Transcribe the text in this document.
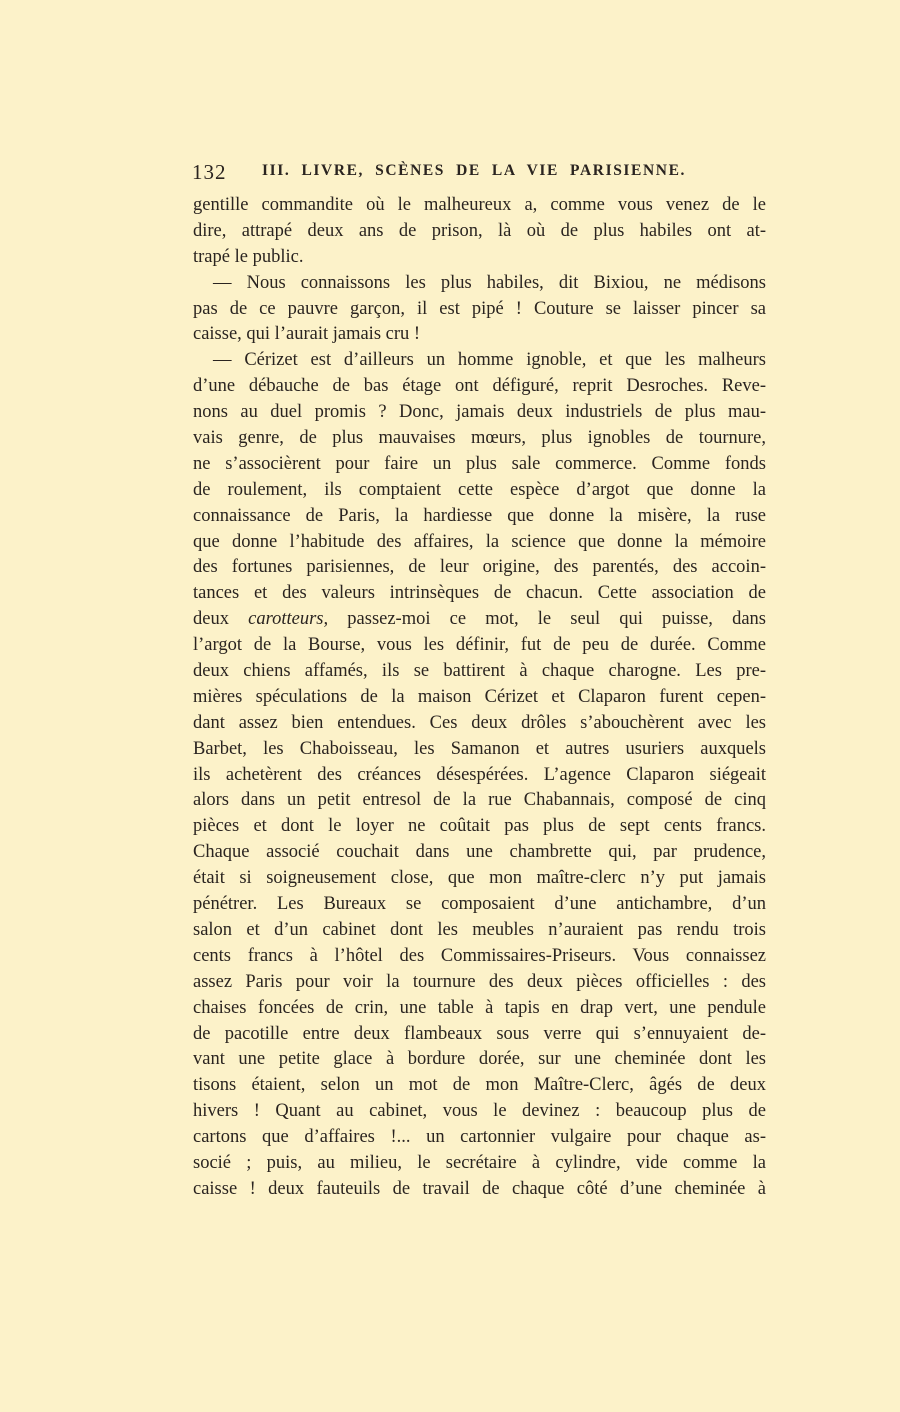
132 III. LIVRE, SCÈNES DE LA VIE PARISIENNE.
gentille commandite où le malheureux a, comme vous venez de le
dire, attrapé deux ans de prison, là où de plus habiles ont at-
trapé le public.
— Nous connaissons les plus habiles, dit Bixiou, ne médisons
pas de ce pauvre garçon, il est pipé ! Couture se laisser pincer sa
caisse, qui l’aurait jamais cru !
— Cérizet est d’ailleurs un homme ignoble, et que les malheurs
d’une débauche de bas étage ont défiguré, reprit Desroches. Reve-
nons au duel promis ? Donc, jamais deux industriels de plus mau-
vais genre, de plus mauvaises mœurs, plus ignobles de tournure,
ne s’associèrent pour faire un plus sale commerce. Comme fonds
de roulement, ils comptaient cette espèce d’argot que donne la
connaissance de Paris, la hardiesse que donne la misère, la ruse
que donne l’habitude des affaires, la science que donne la mémoire
des fortunes parisiennes, de leur origine, des parentés, des accoin-
tances et des valeurs intrinsèques de chacun. Cette association de
deux carotteurs, passez-moi ce mot, le seul qui puisse, dans
l’argot de la Bourse, vous les définir, fut de peu de durée. Comme
deux chiens affamés, ils se battirent à chaque charogne. Les pre-
mières spéculations de la maison Cérizet et Claparon furent cepen-
dant assez bien entendues. Ces deux drôles s’abouchèrent avec les
Barbet, les Chaboisseau, les Samanon et autres usuriers auxquels
ils achetèrent des créances désespérées. L’agence Claparon siégeait
alors dans un petit entresol de la rue Chabannais, composé de cinq
pièces et dont le loyer ne coûtait pas plus de sept cents francs.
Chaque associé couchait dans une chambrette qui, par prudence,
était si soigneusement close, que mon maître-clerc n’y put jamais
pénétrer. Les Bureaux se composaient d’une antichambre, d’un
salon et d’un cabinet dont les meubles n’auraient pas rendu trois
cents francs à l’hôtel des Commissaires-Priseurs. Vous connaissez
assez Paris pour voir la tournure des deux pièces officielles : des
chaises foncées de crin, une table à tapis en drap vert, une pendule
de pacotille entre deux flambeaux sous verre qui s’ennuyaient de-
vant une petite glace à bordure dorée, sur une cheminée dont les
tisons étaient, selon un mot de mon Maître-Clerc, âgés de deux
hivers ! Quant au cabinet, vous le devinez : beaucoup plus de
cartons que d’affaires !... un cartonnier vulgaire pour chaque as-
socié ; puis, au milieu, le secrétaire à cylindre, vide comme la
caisse ! deux fauteuils de travail de chaque côté d’une cheminée à
